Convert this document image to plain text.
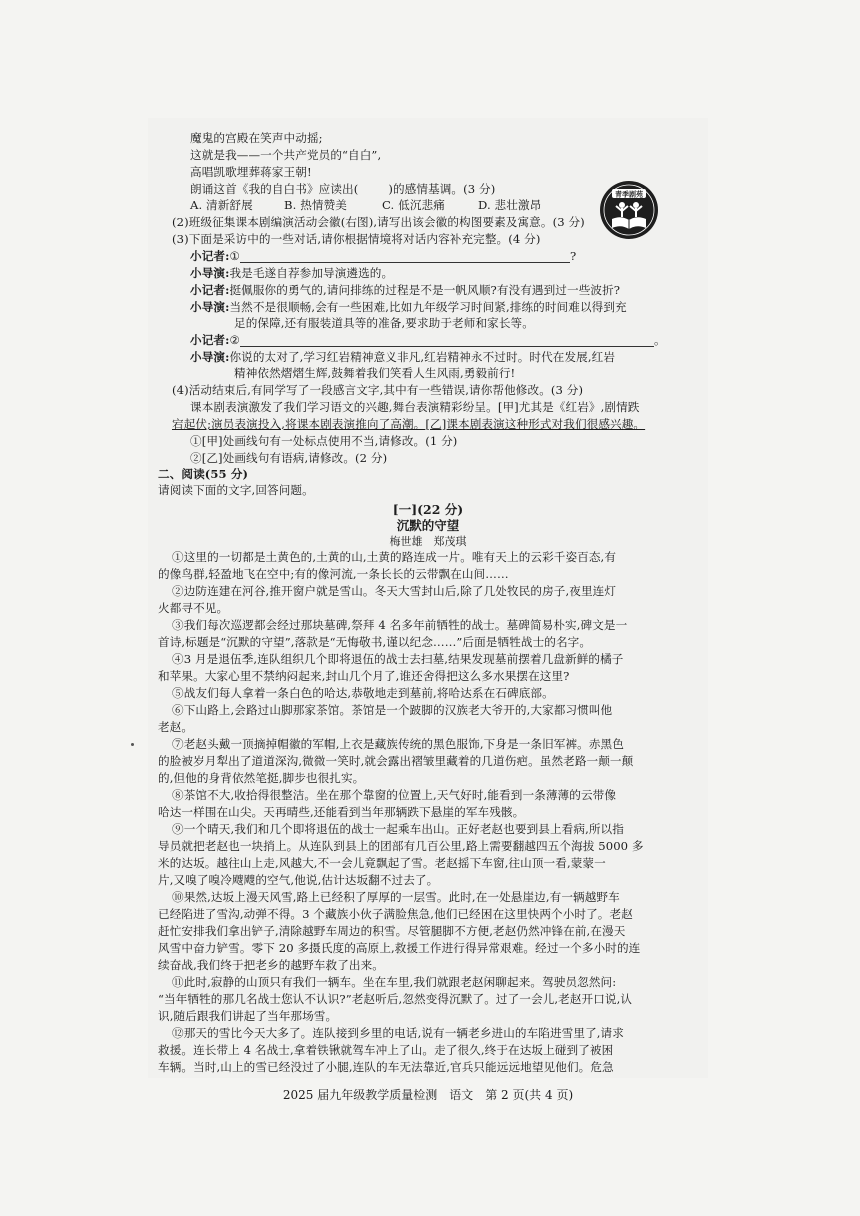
魔鬼的宫殿在笑声中动摇;
这就是我——一个共产党员的“自白”,
高唱凯歌埋葬蒋家王朝!
朗诵这首《我的自白书》应读出(	)的感情基调。(3 分)
A. 清新舒展	B. 热情赞美	C. 低沉悲痛	D. 悲壮激昂
青季剧苑
(2)班级征集课本剧编演活动会徽(右图),请写出该会徽的构图要素及寓意。(3 分)
(3)下面是采访中的一些对话,请你根据情境将对话内容补充完整。(4 分)
小记者:①	?
小导演:我是毛遂自荐参加导演遴选的。
小记者:挺佩服你的勇气的,请问排练的过程是不是一帆风顺?有没有遇到过一些波折?
小导演:当然不是很顺畅,会有一些困难,比如九年级学习时间紧,排练的时间难以得到充
足的保障,还有服装道具等的准备,要求助于老师和家长等。
小记者:②	。
小导演:你说的太对了,学习红岩精神意义非凡,红岩精神永不过时。时代在发展,红岩
精神依然熠熠生辉,鼓舞着我们笑看人生风雨,勇毅前行!
(4)活动结束后,有同学写了一段感言文字,其中有一些错误,请你帮他修改。(3 分)
课本剧表演激发了我们学习语文的兴趣,舞台表演精彩纷呈。[甲]尤其是《红岩》,剧情跌
宕起伏;演员表演投入,将课本剧表演推向了高潮。[乙]课本剧表演这种形式对我们很感兴趣。
①[甲]处画线句有一处标点使用不当,请修改。(1 分)
②[乙]处画线句有语病,请修改。(2 分)
二、阅读(55 分)
请阅读下面的文字,回答问题。
[一](22 分)
沉默的守望
梅世雄　郑茂琪
①这里的一切都是土黄色的,土黄的山,土黄的路连成一片。唯有天上的云彩千姿百态,有
的像鸟群,轻盈地飞在空中;有的像河流,一条长长的云带飘在山间……
②边防连建在河谷,推开窗户就是雪山。冬天大雪封山后,除了几处牧民的房子,夜里连灯
火都寻不见。
③我们每次巡逻都会经过那块墓碑,祭拜 4 名多年前牺牲的战士。墓碑简易朴实,碑文是一
首诗,标题是“沉默的守望”,落款是“无悔敬书,谨以纪念……”后面是牺牲战士的名字。
④3 月是退伍季,连队组织几个即将退伍的战士去扫墓,结果发现墓前摆着几盘新鲜的橘子
和苹果。大家心里不禁纳闷起来,封山几个月了,谁还舍得把这么多水果摆在这里?
⑤战友们每人拿着一条白色的哈达,恭敬地走到墓前,将哈达系在石碑底部。
⑥下山路上,会路过山脚那家茶馆。茶馆是一个跛脚的汉族老大爷开的,大家都习惯叫他
老赵。
⑦老赵头戴一顶摘掉帽徽的军帽,上衣是藏族传统的黑色服饰,下身是一条旧军裤。赤黑色
的脸被岁月犁出了道道深沟,微微一笑时,就会露出褶皱里藏着的几道伤疤。虽然老路一颠一颠
的,但他的身背依然笔挺,脚步也很扎实。
⑧茶馆不大,收拾得很整洁。坐在那个靠窗的位置上,天气好时,能看到一条薄薄的云带像
哈达一样围在山尖。天再晴些,还能看到当年那辆跌下悬崖的军车残骸。
⑨一个晴天,我们和几个即将退伍的战士一起乘车出山。正好老赵也要到县上看病,所以指
导员就把老赵也一块捎上。从连队到县上的团部有几百公里,路上需要翻越四五个海拔 5000 多
米的达坂。越往山上走,风越大,不一会儿竟飘起了雪。老赵摇下车窗,往山顶一看,蒙蒙一
片,又嗅了嗅冷飕飕的空气,他说,估计达坂翻不过去了。
⑩果然,达坂上漫天风雪,路上已经积了厚厚的一层雪。此时,在一处悬崖边,有一辆越野车
已经陷进了雪沟,动弹不得。3 个藏族小伙子满脸焦急,他们已经困在这里快两个小时了。老赵
赶忙安排我们拿出铲子,清除越野车周边的积雪。尽管腿脚不方便,老赵仍然冲锋在前,在漫天
风雪中奋力铲雪。零下 20 多摄氏度的高原上,救援工作进行得异常艰难。经过一个多小时的连
续奋战,我们终于把老乡的越野车救了出来。
⑪此时,寂静的山顶只有我们一辆车。坐在车里,我们就跟老赵闲聊起来。驾驶员忽然问:
“当年牺牲的那几名战士您认不认识?”老赵听后,忽然变得沉默了。过了一会儿,老赵开口说,认
识,随后跟我们讲起了当年那场雪。
⑫那天的雪比今天大多了。连队接到乡里的电话,说有一辆老乡进山的车陷进雪里了,请求
救援。连长带上 4 名战士,拿着铁锹就驾车冲上了山。走了很久,终于在达坂上碰到了被困
车辆。当时,山上的雪已经没过了小腿,连队的车无法靠近,官兵只能远远地望见他们。危急
2025 届九年级教学质量检测　语文　第 2 页(共 4 页)
